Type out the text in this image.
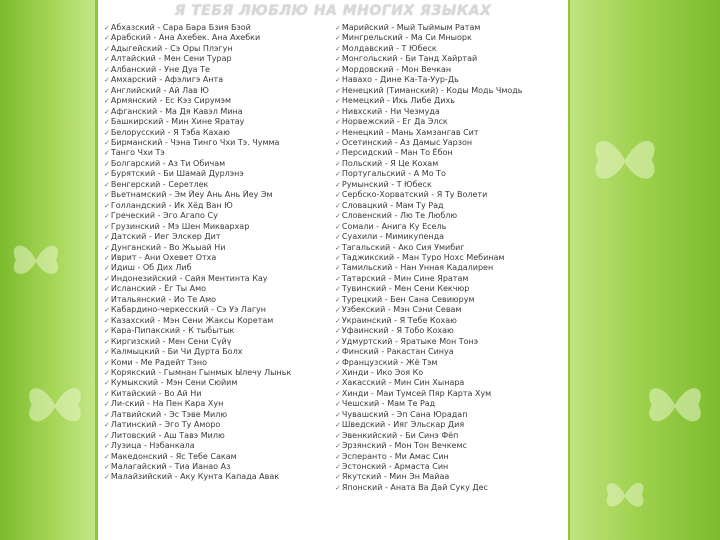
Я ТЕБЯ ЛЮБЛЮ НА МНОГИХ ЯЗЫКАХ
✓Абхазский - Сара Бара Бзия Бзой
✓Арабский - Ана Ахебек. Ана Ахебки
✓Адыгейский - Сэ Оры Плэгун
✓Алтайский - Мен Сени Турар
✓Албанский - Уне Дуа Те
✓Амхарский - Афэлигэ Анта
✓Английский - Ай Лав Ю
✓Армянский - Ес Кэз Сирумэм
✓Афганский - Ма Дя Кавэл Мина
✓Башкирский - Мин Хине Яратау
✓Белорусский - Я Тэба Кахаю
✓Бирманский - Чэна Тинго Чхи Тэ. Чумма
✓Танго Чхи Тэ
✓Болгарский - Аз Ти Обичам
✓Бурятский - Би Шамай Дурлэнэ
✓Венгерский - Серетлек
✓Вьетнамский - Эм Йеу Ань Ань Йеу Эм
✓Голландский - Ик Хёд Ван Ю
✓Греческий - Эго Агапо Су
✓Грузинский - Мэ Шен Миквархар
✓Датский - Иег Элскер Дит
✓Дунганский - Во Жьыай Ни
✓Иврит - Ани Охевет Отха
✓Идиш - Об Дих Либ
✓Индонезийский - Сайя Ментинта Кау
✓Исланский - Ёг Ты Амо
✓Итальянский - Ио Те Амо
✓Кабардино-черкесский - Сэ Уэ Лагун
✓Казахский - Мэн Сени Жаксы Коретам
✓Кара-Пипакский - К тыбытык
✓Киргизский - Мен Сени Сүйү
✓Калмыцкий - Би Чи Дурта Болх
✓Коми - Ме Радейт Тэно
✓Корякский - Гымнан Гынмык Ылечу Лыньк
✓Кумыкский - Мэн Сени Сюйим
✓Китайский - Во Ай Ни
✓Ли-ский - На Пен Кара Хун
✓Латвийский - Эс Тэве Милю
✓Латинский - Эго Ту Аморо
✓Литовский - Аш Тавэ Милю
✓Лузица - Нэбанкала
✓Македонский - Яс Тебе Сакам
✓Малагайский - Тиа Ианао Аз
✓Малайзийский - Аку Кунта Капада Авак
✓Марийский - Мый Тыймым Ратам
✓Мингрельский - Ма Си Мныорк
✓Молдавский - Т Юбеск
✓Монгольский - Би Танд Хайртай
✓Мордовский - Мон Вечкан
✓Навахо - Дине Ка-Та-Уур-Дь
✓Ненецкий (Тиманский) - Коды Модь Чмодь
✓Немецкий - Ихь Либе Дихь
✓Нивхский - Ни Чезмуда
✓Норвежский - Ег Да Элск
✓Ненецкий - Мань Хамзангав Сит
✓Осетинский - Аз Дамыс Уарзон
✓Персидский - Ман То Ёбон
✓Польский - Я Це Кохам
✓Португальский - А Мо То
✓Румынский - Т Юбеск
✓Сербско-Хорватский - Я Ту Волети
✓Словацкий - Мам Ту Рад
✓Словенский - Лю Те Люблю
✓Сомали - Анига Ку Есель
✓Суахили - Мимикупенда
✓Тагальский - Ако Сия Умибиг
✓Таджикский - Ман Туро Нохс Мебинам
✓Тамильский - Нан Унная Кадалирен
✓Татарский - Мин Сине Яратам
✓Тувинский - Мен Сени Кекчюр
✓Турецкий - Бен Сана Севиюрум
✓Узбекский - Мэн Сэни Севам
✓Украинский - Я Тебе Кохаю
✓Уфаинский - Я Тобо Кохаю
✓Удмуртский - Яратыке Мон Тонэ
✓Финский - Ракастан Синуа
✓Французский - Жё Тэм
✓Хинди - Ико Эоя Ко
✓Хакасский - Мин Син Хынара
✓Хинди - Маи Тумсей Пяр Карта Хум
✓Чешский - Мам Те Рад
✓Чувашский - Эп Сана Юрадап
✓Шведский - Ияг Эльскар Дия
✓Эвенкийский - Би Синэ Фёп
✓Эрзянский - Мон Тон Вечкемс
✓Эсперанто - Ми Амас Син
✓Эстонский - Армаста Син
✓Якутский - Мин Эн Майаа
✓Японский - Аната Ва Дай Суку Дес
